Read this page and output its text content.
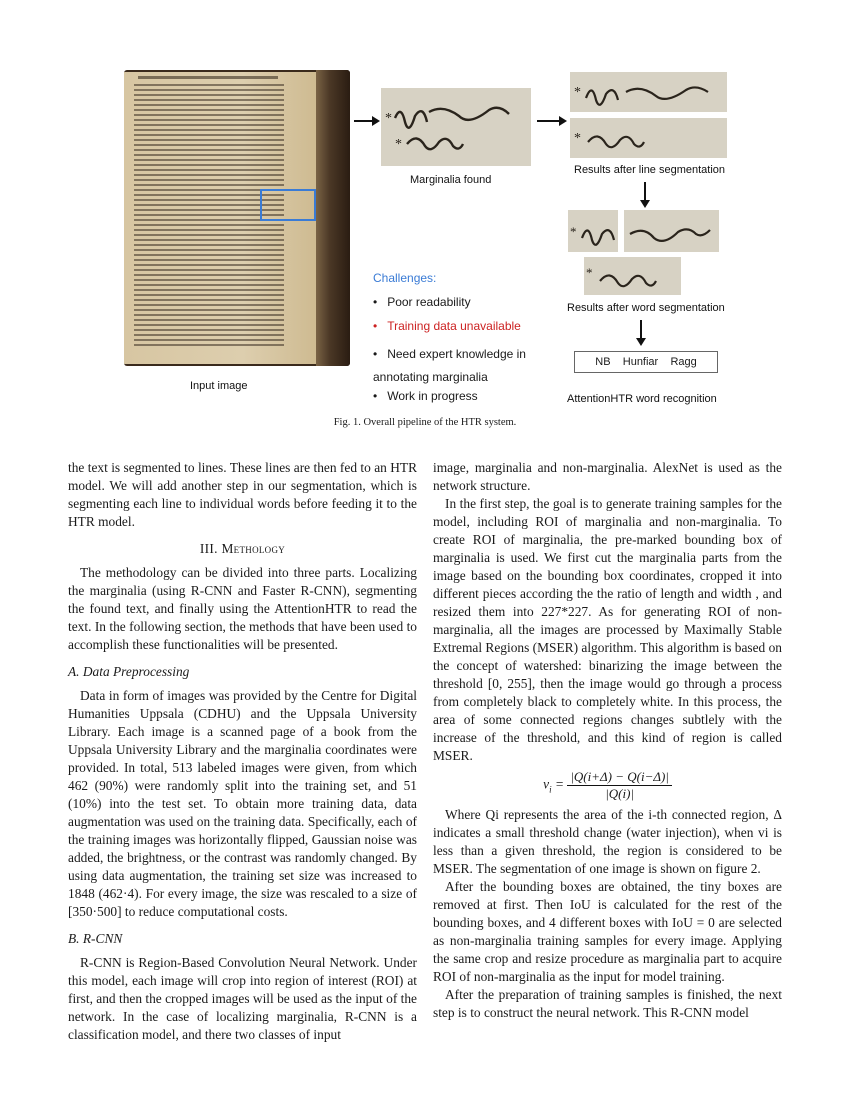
Input image
*
*
Marginalia found
*
*
Results after line segmentation
*
*
Results after word segmentation
NB    Hunfiar    Ragg
AttentionHTR word recognition
Challenges:
•   Poor readability
•   Training data unavailable
•   Need expert knowledge in annotating marginalia
•   Work in progress
Fig. 1. Overall pipeline of the HTR system.

the text is segmented to lines. These lines are then fed to an HTR model. We will add another step in our segmentation, which is segmenting each line to individual words before feeding it to the HTR model.

III. Methology

The methodology can be divided into three parts. Localizing the marginalia (using R-CNN and Faster R-CNN), segmenting the found text, and finally using the AttentionHTR to read the text. In the following section, the methods that have been used to accomplish these functionalities will be presented.

A. Data Preprocessing

Data in form of images was provided by the Centre for Digital Humanities Uppsala (CDHU) and the Uppsala University Library. Each image is a scanned page of a book from the Uppsala University Library and the marginalia coordinates were provided. In total, 513 labeled images were given, from which 462 (90%) were randomly split into the training set, and 51 (10%) into the test set. To obtain more training data, data augmentation was used on the training data. Specifically, each of the training images was horizontally flipped, Gaussian noise was added, the brightness, or the contrast was randomly changed. By using data augmentation, the training set size was increased to 1848 (462·4). For every image, the size was rescaled to a size of [350·500] to reduce computational costs.

B. R-CNN

R-CNN is Region-Based Convolution Neural Network. Under this model, each image will crop into region of interest (ROI) at first, and then the cropped images will be used as the input of the network. In the case of localizing marginalia, R-CNN is a classification model, and there two classes of input

image, marginalia and non-marginalia. AlexNet is used as the network structure.

In the first step, the goal is to generate training samples for the model, including ROI of marginalia and non-marginalia. To create ROI of marginalia, the pre-marked bounding box of marginalia is used. We first cut the marginalia parts from the image based on the bounding box coordinates, cropped it into different pieces according the the ratio of length and width , and resized them into 227*227. As for generating ROI of non-marginalia, all the images are processed by Maximally Stable Extremal Regions (MSER) algorithm. This algorithm is based on the concept of watershed: binarizing the image between the threshold [0, 255], then the image would go through a process from completely black to completely white. In this process, the area of some connected regions changes subtlely with the increase of the threshold, and this kind of region is called MSER.

$v_i = \frac{|Q(i+\Delta) - Q(i-\Delta)|}{|Q(i)|}$

Where Qi represents the area of the i-th connected region, Δ indicates a small threshold change (water injection), when vi is less than a given threshold, the region is considered to be MSER. The segmentation of one image is shown on figure 2.

After the bounding boxes are obtained, the tiny boxes are removed at first. Then IoU is calculated for the rest of the bounding boxes, and 4 different boxes with IoU = 0 are selected as non-marginalia training samples for every image. Applying the same crop and resize procedure as marginalia part to acquire ROI of non-marginalia as the input for model training.

After the preparation of training samples is finished, the next step is to construct the neural network. This R-CNN model
